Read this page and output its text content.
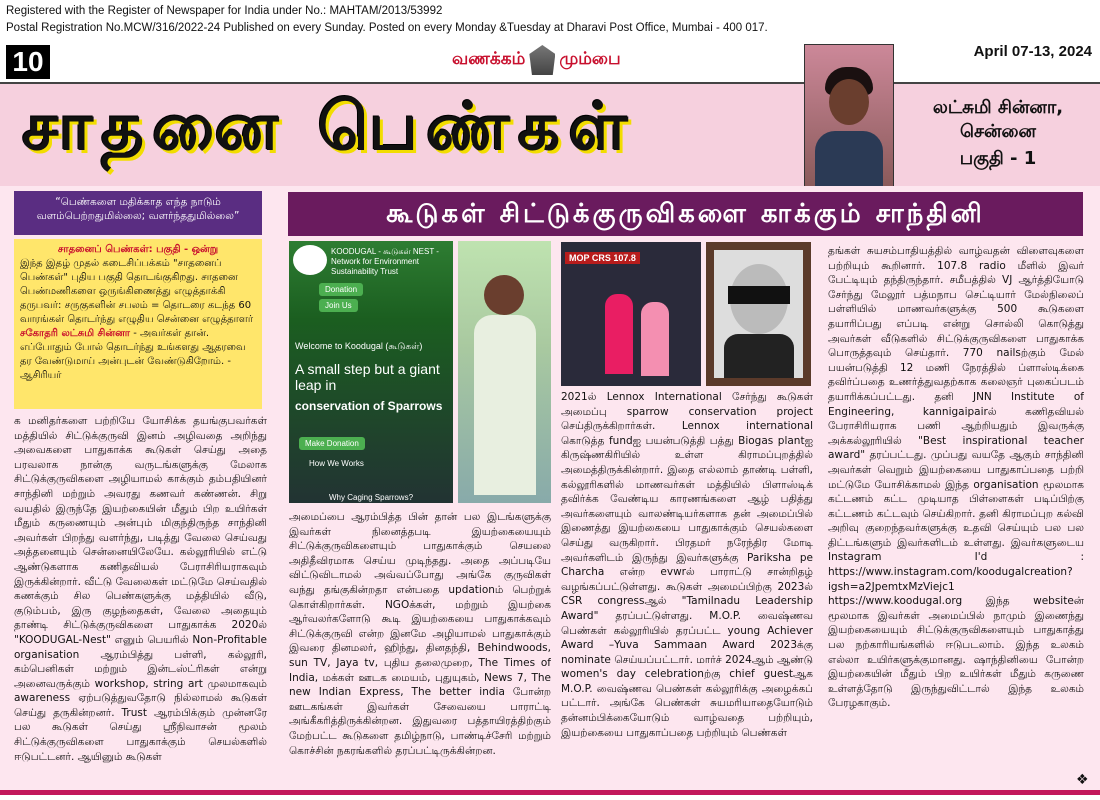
Registered with the Register of Newspaper for India under No.: MAHTAM/2013/53992
Postal Registration No.MCW/316/2022-24 Published on every Sunday. Posted on every Monday &Tuesday at Dharavi Post Office, Mumbai - 400 017.
10	வணக்கம் மும்பை	April 07-13, 2024
சாதனை பெண்கள்	லட்சுமி சின்னா,
சென்னை
பகுதி - 1
“பெண்களை மதிக்காத எந்த நாடும் வளம்பெற்றதுமில்லை; வளர்ந்ததுமில்லை”
சாதனைப் பெண்கள்: பகுதி - ஒன்று
இந்த இதழ் முதல் கடைசிப்பக்கம் "சாதனைப் பெண்கள்" புதிய பகுதி தொடங்குகிறது. சாதனை பெண்மணிகளை ஒருங்கிணைத்து எழுத்தாக்கி தருபவர்: சருகுகளின் சபலம் = தொடரை கடந்த 60 வாரங்கள் தொடர்ந்து எழுதிய சென்னை எழுத்தாளர் சகோதரி லட்சுமி சின்னா - அவர்கள் தான். எப்போதும் போல் தொடர்ந்து உங்களது ஆதரவை தர வேண்டுமாய் அன்புடன் வேண்டுகிறோம். - ஆசிரியர்
கூடுகள் சிட்டுக்குருவிகளை காக்கும் சாந்தினி

க மனிதர்களை பற்றியே யோசிக்க தயங்குபவர்கள் மத்தியில் சிட்டுக்குருவி இனம் அழிவதை அறிந்து அவைகளை பாதுகாக்க கூடுகள் செய்து அதை பரவலாக நான்கு வருடங்களுக்கு மேலாக சிட்டுக்குருவிகளை அழியாமல் காக்கும் தம்பதியினர் சாந்தினி மற்றும் அவரது கணவர் கண்ணன். சிறு வயதில் இருந்தே இயற்கையின் மீதும் பிற உயிர்கள் மீதும் கருணையும் அன்பும் மிகுந்திருந்த சாந்தினி அவர்கள் பிறந்து வளர்ந்து, படித்து வேலை செய்வது அத்தனையும் சென்னையிலேயே. கல்லூரியில் எட்டு ஆண்டுகளாக கணிதவியல் பேராசிரியராகவும் இருக்கின்றார். வீட்டு வேலைகள் மட்டுமே செய்வதில் கணக்கும் சில பெண்களுக்கு மத்தியில் வீடு, குடும்பம், இரு குழந்தைகள், வேலை அதையும் தாண்டி சிட்டுக்குருவிகளை பாதுகாக்க 2020ல் "KOODUGAL-Nest" எனும் பெயரில் Non-Profitable organisation ஆரம்பித்து பள்ளி, கல்லூரி, கம்பெனிகள் மற்றும் இன்டஸ்ட்ரிகள் என்று அனைவருக்கும் workshop, string art முலமாகவும் awareness ஏற்படுத்துவதோடு நில்லாமல் கூடுகள் செய்து தருகின்றனர். Trust ஆரம்பிக்கும் முன்னரே பல கூடுகள் செய்து ஸ்ரீநிவாசன் மூலம் சிட்டுக்குருவிகளை பாதுகாக்கும் செயல்களில் ஈடுபட்டனர். ஆயினும் கூடுகள்

KOODUGAL - கூடுகள் NEST - Network for Environment Sustainability Trust
Donation
Join Us
Welcome to Koodugal (கூடுகள்)
A small step but a giant leap in
conservation of Sparrows
Make Donation
How We Works
Why Caging Sparrows?

அமைப்பை ஆரம்பித்த பின் தான் பல இடங்களுக்கு இவர்கள் நினைத்தபடி இயற்கையையும் சிட்டுக்குருவிகளையும் பாதுகாக்கும் செயலை அதிதீவிரமாக செய்ய முடிந்தது. அதை அப்படியே விட்டுவிடாமல் அவ்வப்போது அங்கே குருவிகள் வந்து தங்குகின்றதா என்பதை updationம் பெற்றுக் கொள்கிறார்கள். NGOக்கள், மற்றும் இயற்கை ஆர்வலர்களோடு கூடி இயற்கையை பாதுகாக்கவும் சிட்டுக்குருவி என்ற இனமே அழியாமல் பாதுகாக்கும் இவரை தினமலர், ஹிந்து, தினதந்தி, Behindwoods, sun TV, Jaya tv, புதிய தலைமுறை, The Times of India, மக்கள் ஊடக மையம், புதுயுகம், News 7, The new Indian Express, The better india போன்ற ஊடகங்கள் இவர்கள் சேவையை பாராட்டி அங்கீகரித்திருக்கின்றன. இதுவரை பத்தாயிரத்திற்கும் மேற்பட்ட கூடுகளை தமிழ்நாடு, பாண்டிச்சேரி மற்றும் கொச்சின் நகரங்களில் தரப்பட்டிருக்கின்றன.

MOP CRS 107.8

2021ல் Lennox International சேர்ந்து கூடுகள் அமைப்பு sparrow conservation project செய்திருக்கிறார்கள். Lennox international கொடுத்த fundஐ பயன்படுத்தி பத்து Biogas plantஐ கிருஷ்ணகிரியில் உள்ள கிராமப்புறத்தில் அமைத்திருக்கின்றார். இதை எல்லாம் தாண்டி பள்ளி, கல்லூரிகளில் மாணவர்கள் மத்தியில் பிளாஸ்டிக் தவிர்க்க வேண்டிய காரணங்களை ஆழ் பதித்து அவர்களையும் வாலண்டியர்களாக தன் அமைப்பில் இணைத்து இயற்கையை பாதுகாக்கும் செயல்களை செய்து வருகிறார். பிரதமர் நரேந்திர மோடி அவர்களிடம் இருந்து இவர்களுக்கு Pariksha pe Charcha என்ற evwrல் பாராட்டு சான்றிதழ் வழங்கப்பட்டுள்ளது. கூடுகள் அமைப்பிற்கு 2023ல் CSR congressஆல் "Tamilnadu Leadership Award" தரப்பட்டுள்ளது. M.O.P. வைஷ்ணவ பெண்கள் கல்லூரியில் தரப்பட்ட young Achiever Award –Yuva Sammaan Award 2023க்கு nominate செய்யப்பட்டார். மார்ச் 2024ஆம் ஆண்டு women's day celebrationற்கு chief guestஆக M.O.P. வைஷ்ணவ பெண்கள் கல்லூரிக்கு அழைக்கப் பட்டார். அங்கே பெண்கள் சுயமரியாதையோடும் தன்னம்பிக்கையோடும் வாழ்வதை பற்றியும், இயற்கையை பாதுகாப்பதை பற்றியும் பெண்கள்

தங்கள் சுயசம்பாதியத்தில் வாழ்வதன் விளைவுகளை பற்றியும் கூறினார். 107.8 radio மீளில் இவர் பேட்டியும் தந்திருந்தார். சமீபத்தில் VJ ஆர்த்தியோடு சேர்ந்து மேலூர் பத்மநாப செட்டியார் மேல்நிலைப் பள்ளியில் மாணவர்களுக்கு 500 கூடுகளை தயாரிப்பது எப்படி என்று சொல்லி கொடுத்து அவர்கள் வீடுகளில் சிட்டுக்குருவிகளை பாதுகாக்க பொருத்தவும் செய்தார். 770 nailsற்கும் மேல் பயன்படுத்தி 12 மணி நேரத்தில் ப்ளாஸ்டிக்கை தவிர்ப்பதை உணர்த்துவதற்காக கலைஞர் புகைப்படம் தயாரிக்கப்பட்டது. தனி JNN Institute of Engineering, kannigaipairல் கணிதவியல் பேராசிரியராக பணி ஆற்றியதும் இவருக்கு அக்கல்லூரியில் "Best inspirational teacher award" தரப்பட்டது. முப்பது வயதே ஆகும் சாந்தினி அவர்கள் வெறும் இயற்கையை பாதுகாப்பதை பற்றி மட்டுமே யோசிக்காமல் இந்த organisation மூலமாக கட்டணம் கட்ட முடியாத பிள்ளைகள் படிப்பிற்கு கட்டணம் கட்டவும் செய்கிறார். தனி கிராமப்புற கல்வி அறிவு குறைந்தவர்களுக்கு உதவி செய்யும் பல பல திட்டங்களும் இவர்களிடம் உள்ளது. இவர்களுடைய Instagram I'd : https://www.instagram.com/koodugalcreation?igsh=a2JpemtxMzViejc1 https://www.koodugal.org இந்த websiteன் மூலமாக இவர்கள் அமைப்பில் நாமும் இணைந்து இயற்கையையும் சிட்டுக்குருவிகளையும் பாதுகாத்து பல நற்காரியங்களில் ஈடுபடலாம். இந்த உலகம் எல்லா உயிர்களுக்குமானது. ஷாந்தினியை போன்ற இயற்கையின் மீதும் பிற உயிர்கள் மீதும் கருணை உள்ளத்தோடு இருந்துவிட்டால் இந்த உலகம் பேரழகாகும்.

❖
